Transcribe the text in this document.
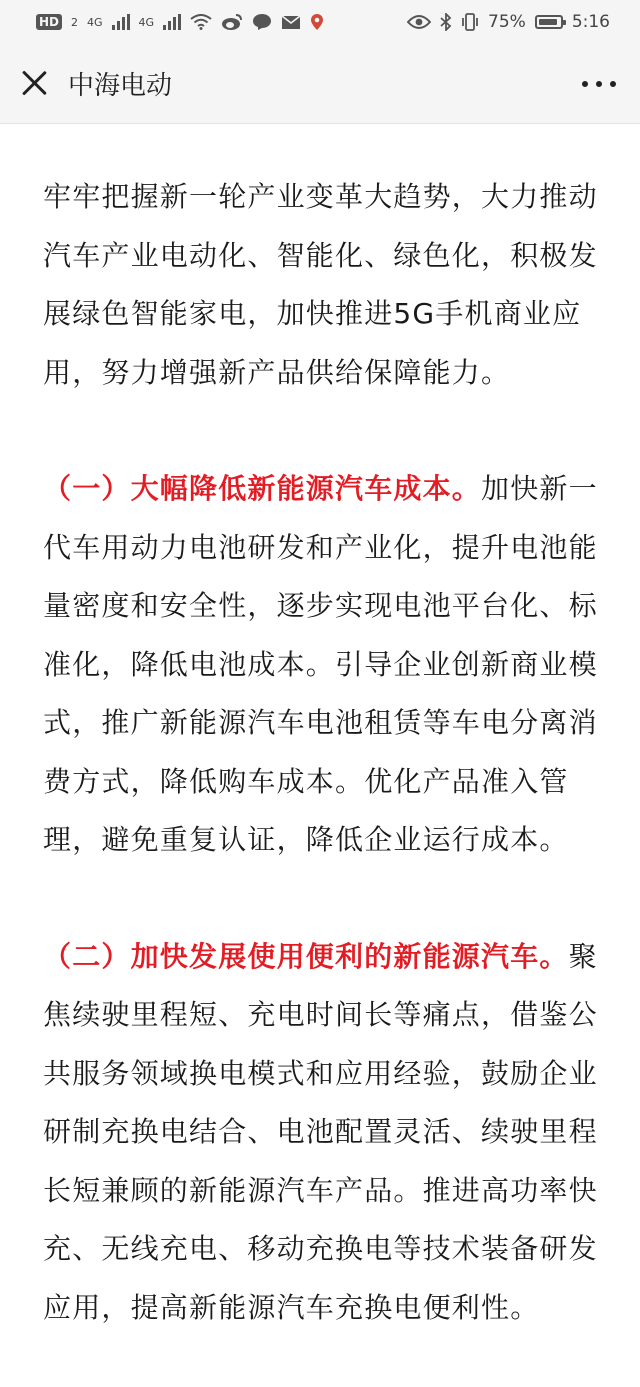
HD 2 4G	4G	75%	5:16
中海电动

牢牢把握新一轮产业变革大趋势，大力推动汽车产业电动化、智能化、绿色化，积极发展绿色智能家电，加快推进5G手机商业应用，努力增强新产品供给保障能力。

（一）大幅降低新能源汽车成本。加快新一代车用动力电池研发和产业化，提升电池能量密度和安全性，逐步实现电池平台化、标准化，降低电池成本。引导企业创新商业模式，推广新能源汽车电池租赁等车电分离消费方式，降低购车成本。优化产品准入管理，避免重复认证，降低企业运行成本。

（二）加快发展使用便利的新能源汽车。聚焦续驶里程短、充电时间长等痛点，借鉴公共服务领域换电模式和应用经验，鼓励企业研制充换电结合、电池配置灵活、续驶里程长短兼顾的新能源汽车产品。推进高功率快充、无线充电、移动充换电等技术装备研发应用，提高新能源汽车充换电便利性。
